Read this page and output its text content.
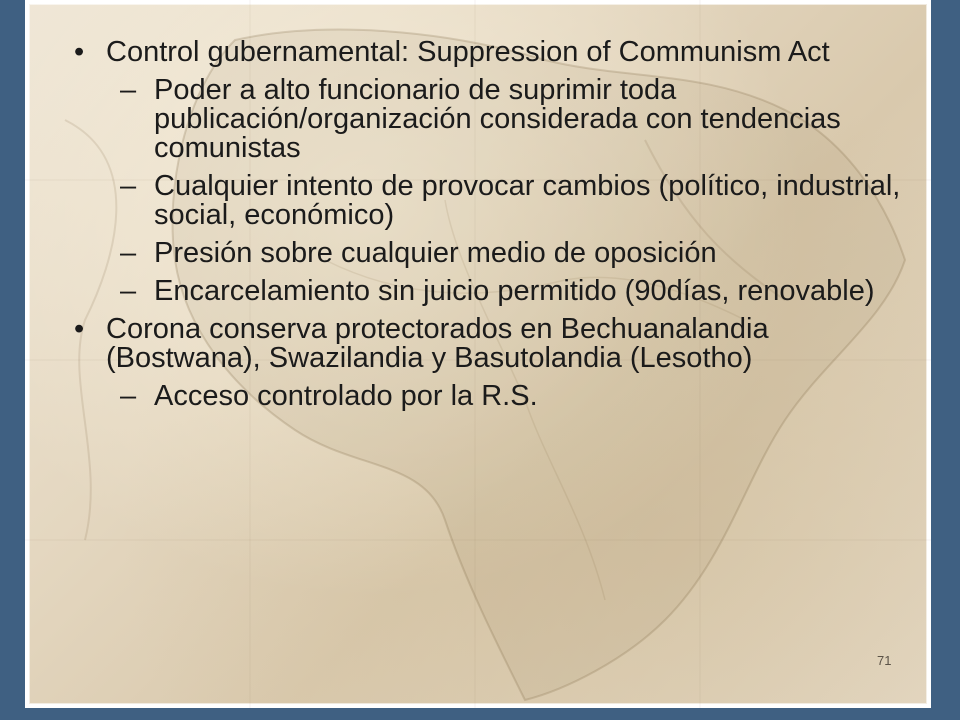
• Control gubernamental: Suppression of Communism Act
– Poder a alto funcionario de suprimir toda publicación/organización considerada con tendencias comunistas
– Cualquier intento de provocar cambios (político, industrial, social, económico)
– Presión sobre cualquier medio de oposición
– Encarcelamiento sin juicio permitido (90días, renovable)
• Corona conserva protectorados en Bechuanalandia (Bostwana), Swazilandia y Basutolandia (Lesotho)
– Acceso controlado por la R.S.
71
